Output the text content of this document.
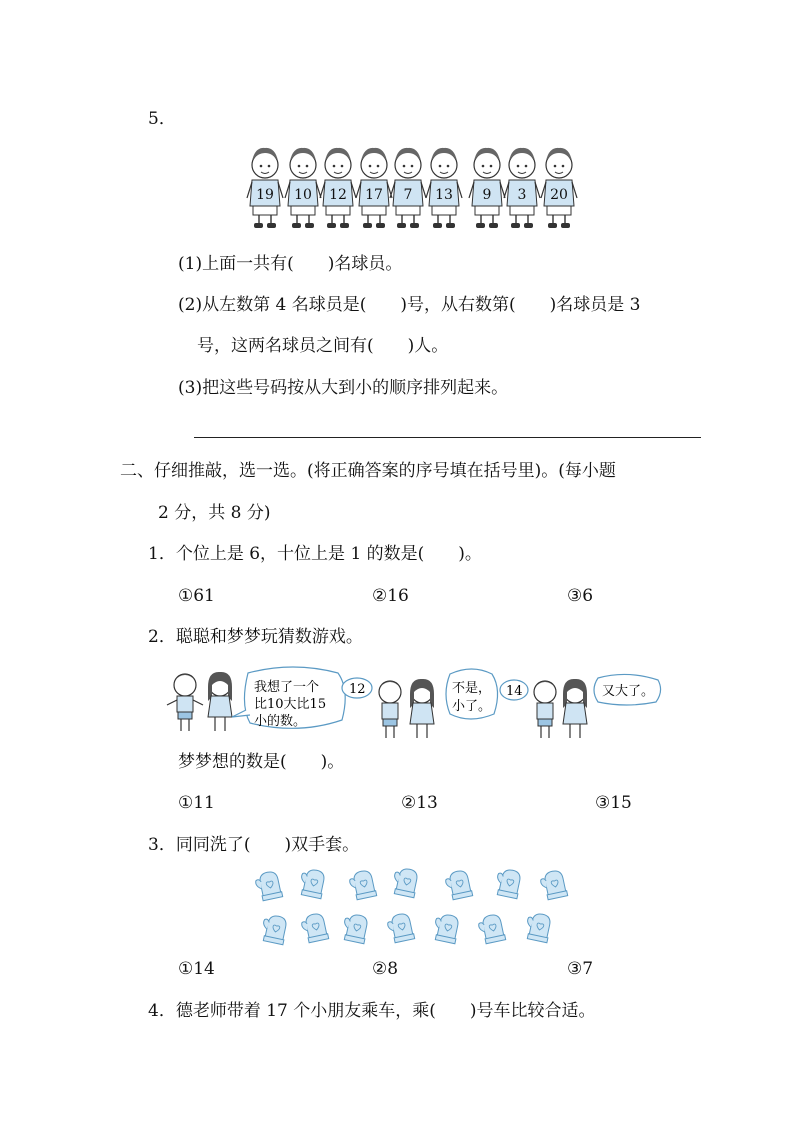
5．
19 10 12 17 7 13 9 3 20
(1)上面一共有(　　)名球员。
(2)从左数第 4 名球员是(　　)号，从右数第(　　)名球员是 3
号，这两名球员之间有(　　)人。
(3)把这些号码按从大到小的顺序排列起来。
二、仔细推敲，选一选。(将正确答案的序号填在括号里)。(每小题
2 分，共 8 分)
1．个位上是 6，十位上是 1 的数是(　　)。
①61	②16	③6
2．聪聪和梦梦玩猜数游戏。
我想了一个
比10大比15
小的数。
12	不是，
小了。
14	又大了。
梦梦想的数是(　　)。
①11	②13	③15
3．同同洗了(　　)双手套。
①14	②8	③7
4．德老师带着 17 个小朋友乘车，乘(　　)号车比较合适。
